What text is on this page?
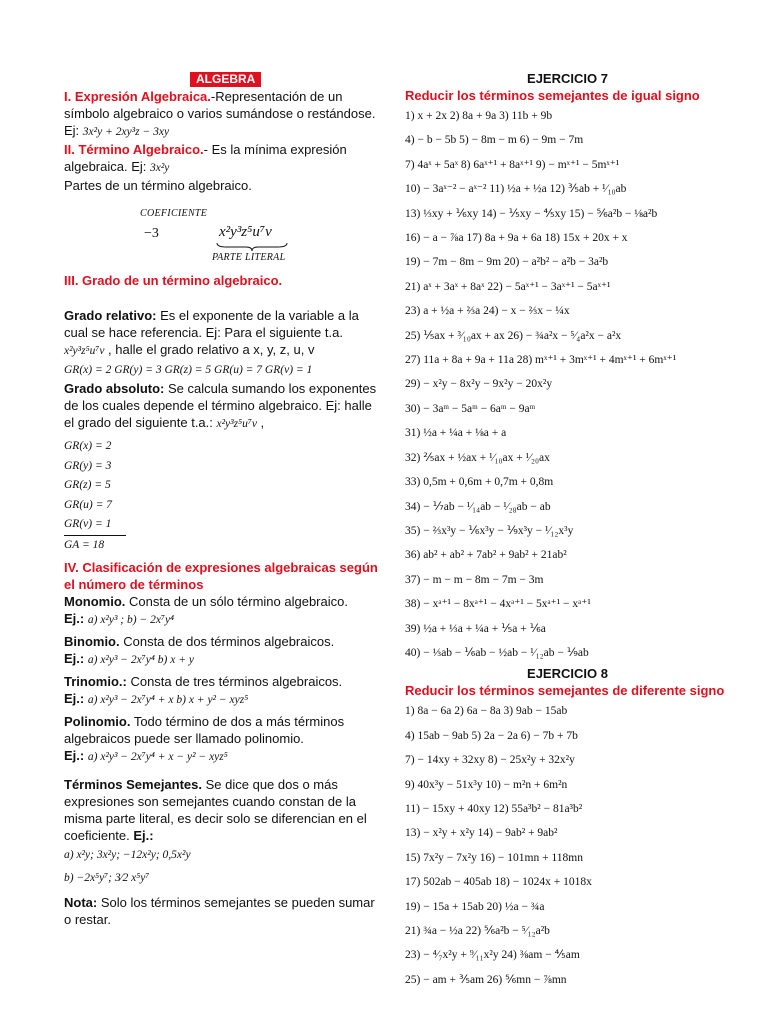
ALGEBRA

I. Expresión Algebraica.-Representación de un símbolo algebraico o varios sumándose o restándose. Ej: 3x²y + 2xy³z − 3xy

II. Término Algebraico.- Es la mínima expresión algebraica. Ej: 3x²y

Partes de un término algebraico.

COEFICIENTE
−3	x²y³z⁵u⁷v
PARTE LITERAL

III. Grado de un término algebraico.

Grado relativo: Es el exponente de la variable a la cual se hace referencia. Ej: Para el siguiente t.a. x²y³z⁵u⁷v , halle el grado relativo a x, y, z, u, v

GR(x) = 2 GR(y) = 3 GR(z) = 5 GR(u) = 7 GR(v) = 1

Grado absoluto: Se calcula sumando los exponentes de los cuales depende el término algebraico. Ej: halle el grado del siguiente t.a.: x²y³z⁵u⁷v ,

GR(x) = 2
GR(y) = 3
GR(z) = 5
GR(u) = 7
GR(v) = 1
GA = 18

IV. Clasificación de expresiones algebraicas según el número de términos

Monomio. Consta de un sólo término algebraico.

Ej.: a) x²y³ ; b) − 2x⁷y⁴

Binomio. Consta de dos términos algebraicos.

Ej.: a) x²y³ − 2x⁷y⁴ b) x + y

Trinomio.: Consta de tres términos algebraicos.

Ej.: a) x²y³ − 2x⁷y⁴ + x b) x + y² − xyz⁵

Polinomio. Todo término de dos a más términos algebraicos puede ser llamado polinomio.

Ej.: a) x²y³ − 2x⁷y⁴ + x − y² − xyz⁵

Términos Semejantes. Se dice que dos o más expresiones son semejantes cuando constan de la misma parte literal, es decir solo se diferencian en el coeficiente. Ej.:

a) x²y; 3x²y; −12x²y; 0,5x²y

b) −2x⁵y⁷; 3⁄2 x⁵y⁷

Nota: Solo los términos semejantes se pueden sumar o restar.

EJERCICIO 7
Reducir los términos semejantes de igual signo
1) x + 2x 2) 8a + 9a 3) 11b + 9b
4) − b − 5b 5) − 8m − m 6) − 9m − 7m
7) 4aˣ + 5aˣ 8) 6aˣ⁺¹ + 8aˣ⁺¹ 9) − mˣ⁺¹ − 5mˣ⁺¹
10) − 3aˣ⁻² − aˣ⁻² 11) ½a + ½a 12) ⅗ab + ¹⁄₁₀ab
13) ⅓xy + ⅙xy 14) − ⅕xy − ⅘xy 15) − ⅚a²b − ⅛a²b
16) − a − ⅞a 17) 8a + 9a + 6a 18) 15x + 20x + x
19) − 7m − 8m − 9m 20) − a²b² − a²b − 3a²b
21) aˣ + 3aˣ + 8aˣ 22) − 5aˣ⁺¹ − 3aˣ⁺¹ − 5aˣ⁺¹
23) a + ½a + ⅔a 24) − x − ⅔x − ¼x
25) ⅕ax + ³⁄₁₀ax + ax 26) − ¾a²x − ⁵⁄₄a²x − a²x
27) 11a + 8a + 9a + 11a 28) mˣ⁺¹ + 3mˣ⁺¹ + 4mˣ⁺¹ + 6mˣ⁺¹
29) − x²y − 8x²y − 9x²y − 20x²y
30) − 3aᵐ − 5aᵐ − 6aᵐ − 9aᵐ
31) ½a + ¼a + ⅛a + a
32) ⅖ax + ½ax + ¹⁄₁₀ax + ¹⁄₂₀ax
33) 0,5m + 0,6m + 0,7m + 0,8m
34) − ⅐ab − ¹⁄₁₄ab − ¹⁄₂₈ab − ab
35) − ⅔x³y − ⅙x³y − ⅑x³y − ¹⁄₁₂x³y
36) ab² + ab² + 7ab² + 9ab² + 21ab²
37) − m − m − 8m − 7m − 3m
38) − xᵃ⁺¹ − 8xᵃ⁺¹ − 4xᵃ⁺¹ − 5xᵃ⁺¹ − xᵃ⁺¹
39) ½a + ⅓a + ¼a + ⅕a + ⅙a
40) − ⅓ab − ⅙ab − ½ab − ¹⁄₁₂ab − ⅑ab
EJERCICIO 8
Reducir los términos semejantes de diferente signo
1) 8a − 6a 2) 6a − 8a 3) 9ab − 15ab
4) 15ab − 9ab 5) 2a − 2a 6) − 7b + 7b
7) − 14xy + 32xy 8) − 25x²y + 32x²y
9) 40x³y − 51x³y 10) − m²n + 6m²n
11) − 15xy + 40xy 12) 55a³b² − 81a³b²
13) − x²y + x²y 14) − 9ab² + 9ab²
15) 7x²y − 7x²y 16) − 101mn + 118mn
17) 502ab − 405ab 18) − 1024x + 1018x
19) − 15a + 15ab 20) ½a − ¾a
21) ¾a − ½a 22) ⅚a²b − ⁵⁄₁₂a²b
23) − ⁴⁄₇x²y + ⁹⁄₁₁x²y 24) ⅜am − ⅘am
25) − am + ⅗am 26) ⅚mn − ⅞mn
